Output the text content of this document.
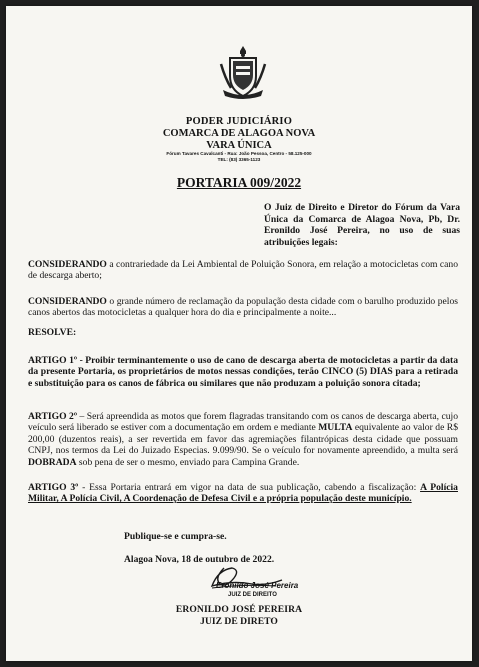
PODER JUDICIÁRIO
COMARCA DE ALAGOA NOVA
VARA ÚNICA
Fórum Tavares Cavalcanti - Rua: João Pessoa, Centro - 58.125-000
TEL: (83) 3365-1123
PORTARIA 009/2022
O Juiz de Direito e Diretor do Fórum da Vara Única da Comarca de Alagoa Nova, Pb, Dr. Eronildo José Pereira, no uso de suas atribuições legais:
CONSIDERANDO a contrariedade da Lei Ambiental de Poluição Sonora, em relação a motocicletas com cano de descarga aberto;
CONSIDERANDO o grande número de reclamação da população desta cidade com o barulho produzido pelos canos abertos das motocicletas a qualquer hora do dia e principalmente a noite...
RESOLVE:
ARTIGO 1º - Proibir terminantemente o uso de cano de descarga aberta de motocicletas a partir da data da presente Portaria, os proprietários de motos nessas condições, terão CINCO (5) DIAS para a retirada e substituição para os canos de fábrica ou similares que não produzam a poluição sonora citada;
ARTIGO 2º – Será apreendida as motos que forem flagradas transitando com os canos de descarga aberta, cujo veículo será liberado se estiver com a documentação em ordem e mediante MULTA equivalente ao valor de R$ 200,00 (duzentos reais), a ser revertida em favor das agremiações filantrópicas desta cidade que possuam CNPJ, nos termos da Lei do Juizado Especias. 9.099/90. Se o veículo for novamente apreendido, a multa será DOBRADA sob pena de ser o mesmo, enviado para Campina Grande.
ARTIGO 3º - Essa Portaria entrará em vigor na data de sua publicação, cabendo a fiscalização: A Polícia Militar, A Polícia Civil, A Coordenação de Defesa Civil e a própria população deste município.
Publique-se e cumpra-se.
Alagoa Nova, 18 de outubro de 2022.
Eronildo José Pereira
JUIZ DE DIREITO
ERONILDO JOSÉ PEREIRA
JUIZ DE DIRETO
